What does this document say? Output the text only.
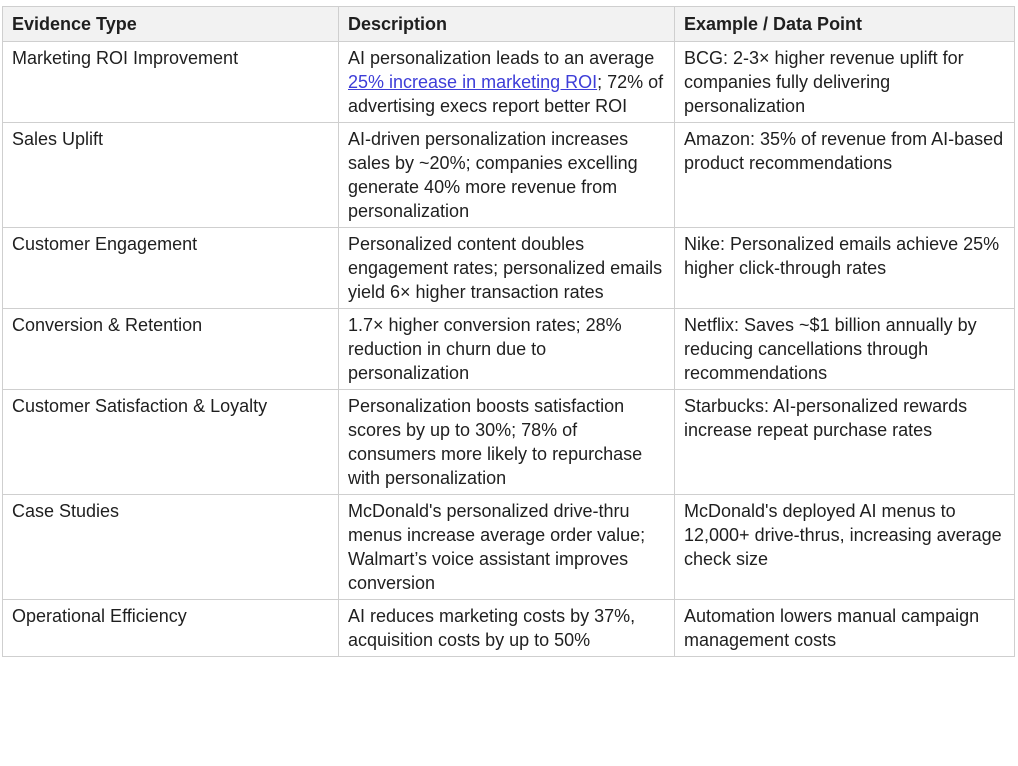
Evidence Type	Description	Example / Data Point
Marketing ROI Improvement	AI personalization leads to an average 25% increase in marketing ROI; 72% of advertising execs report better ROI	BCG: 2-3× higher revenue uplift for companies fully delivering personalization
Sales Uplift	AI-driven personalization increases sales by ~20%; companies excelling generate 40% more revenue from personalization	Amazon: 35% of revenue from AI-based product recommendations
Customer Engagement	Personalized content doubles engagement rates; personalized emails yield 6× higher transaction rates	Nike: Personalized emails achieve 25% higher click-through rates
Conversion & Retention	1.7× higher conversion rates; 28% reduction in churn due to personalization	Netflix: Saves ~$1 billion annually by reducing cancellations through recommendations
Customer Satisfaction & Loyalty	Personalization boosts satisfaction scores by up to 30%; 78% of consumers more likely to repurchase with personalization	Starbucks: AI-personalized rewards increase repeat purchase rates
Case Studies	McDonald's personalized drive-thru menus increase average order value; Walmart’s voice assistant improves conversion	McDonald's deployed AI menus to 12,000+ drive-thrus, increasing average check size
Operational Efficiency	AI reduces marketing costs by 37%, acquisition costs by up to 50%	Automation lowers manual campaign management costs
